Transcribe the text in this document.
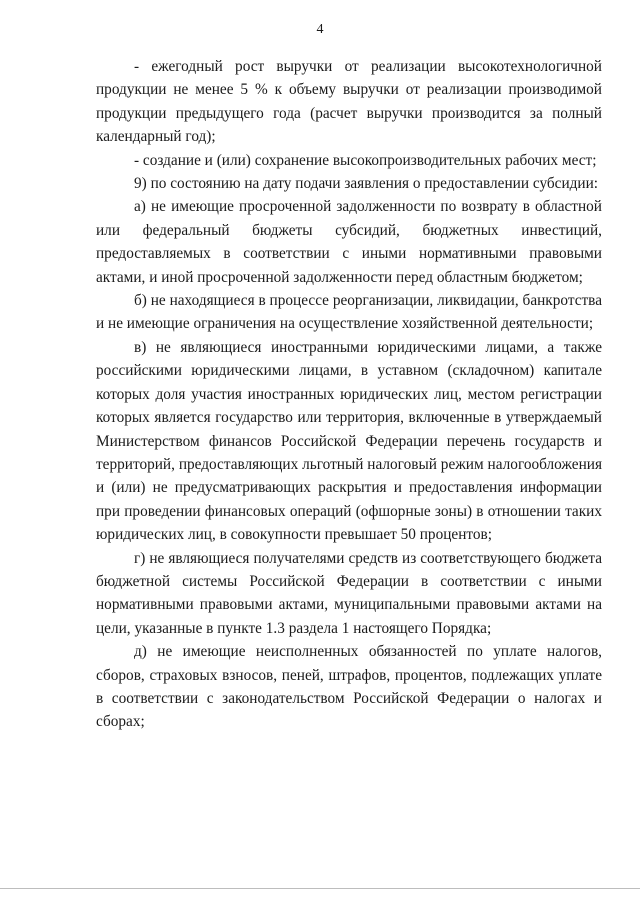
4

- ежегодный рост выручки от реализации высокотехнологичной продукции не менее 5 % к объему выручки от реализации производимой продукции предыдущего года (расчет выручки производится за полный календарный год);

- создание и (или) сохранение высокопроизводительных рабочих мест;

9) по состоянию на дату подачи заявления о предоставлении субсидии:

а) не имеющие просроченной задолженности по возврату в областной или федеральный бюджеты субсидий, бюджетных инвестиций, предоставляемых в соответствии с иными нормативными правовыми актами, и иной просроченной задолженности перед областным бюджетом;

б) не находящиеся в процессе реорганизации, ликвидации, банкротства и не имеющие ограничения на осуществление хозяйственной деятельности;

в) не являющиеся иностранными юридическими лицами, а также российскими юридическими лицами, в уставном (складочном) капитале которых доля участия иностранных юридических лиц, местом регистрации которых является государство или территория, включенные в утверждаемый Министерством финансов Российской Федерации перечень государств и территорий, предоставляющих льготный налоговый режим налогообложения и (или) не предусматривающих раскрытия и предоставления информации при проведении финансовых операций (офшорные зоны) в отношении таких юридических лиц, в совокупности превышает 50 процентов;

г) не являющиеся получателями средств из соответствующего бюджета бюджетной системы Российской Федерации в соответствии с иными нормативными правовыми актами, муниципальными правовыми актами на цели, указанные в пункте 1.3 раздела 1 настоящего Порядка;

д) не имеющие неисполненных обязанностей по уплате налогов, сборов, страховых взносов, пеней, штрафов, процентов, подлежащих уплате в соответствии с законодательством Российской Федерации о налогах и сборах;
